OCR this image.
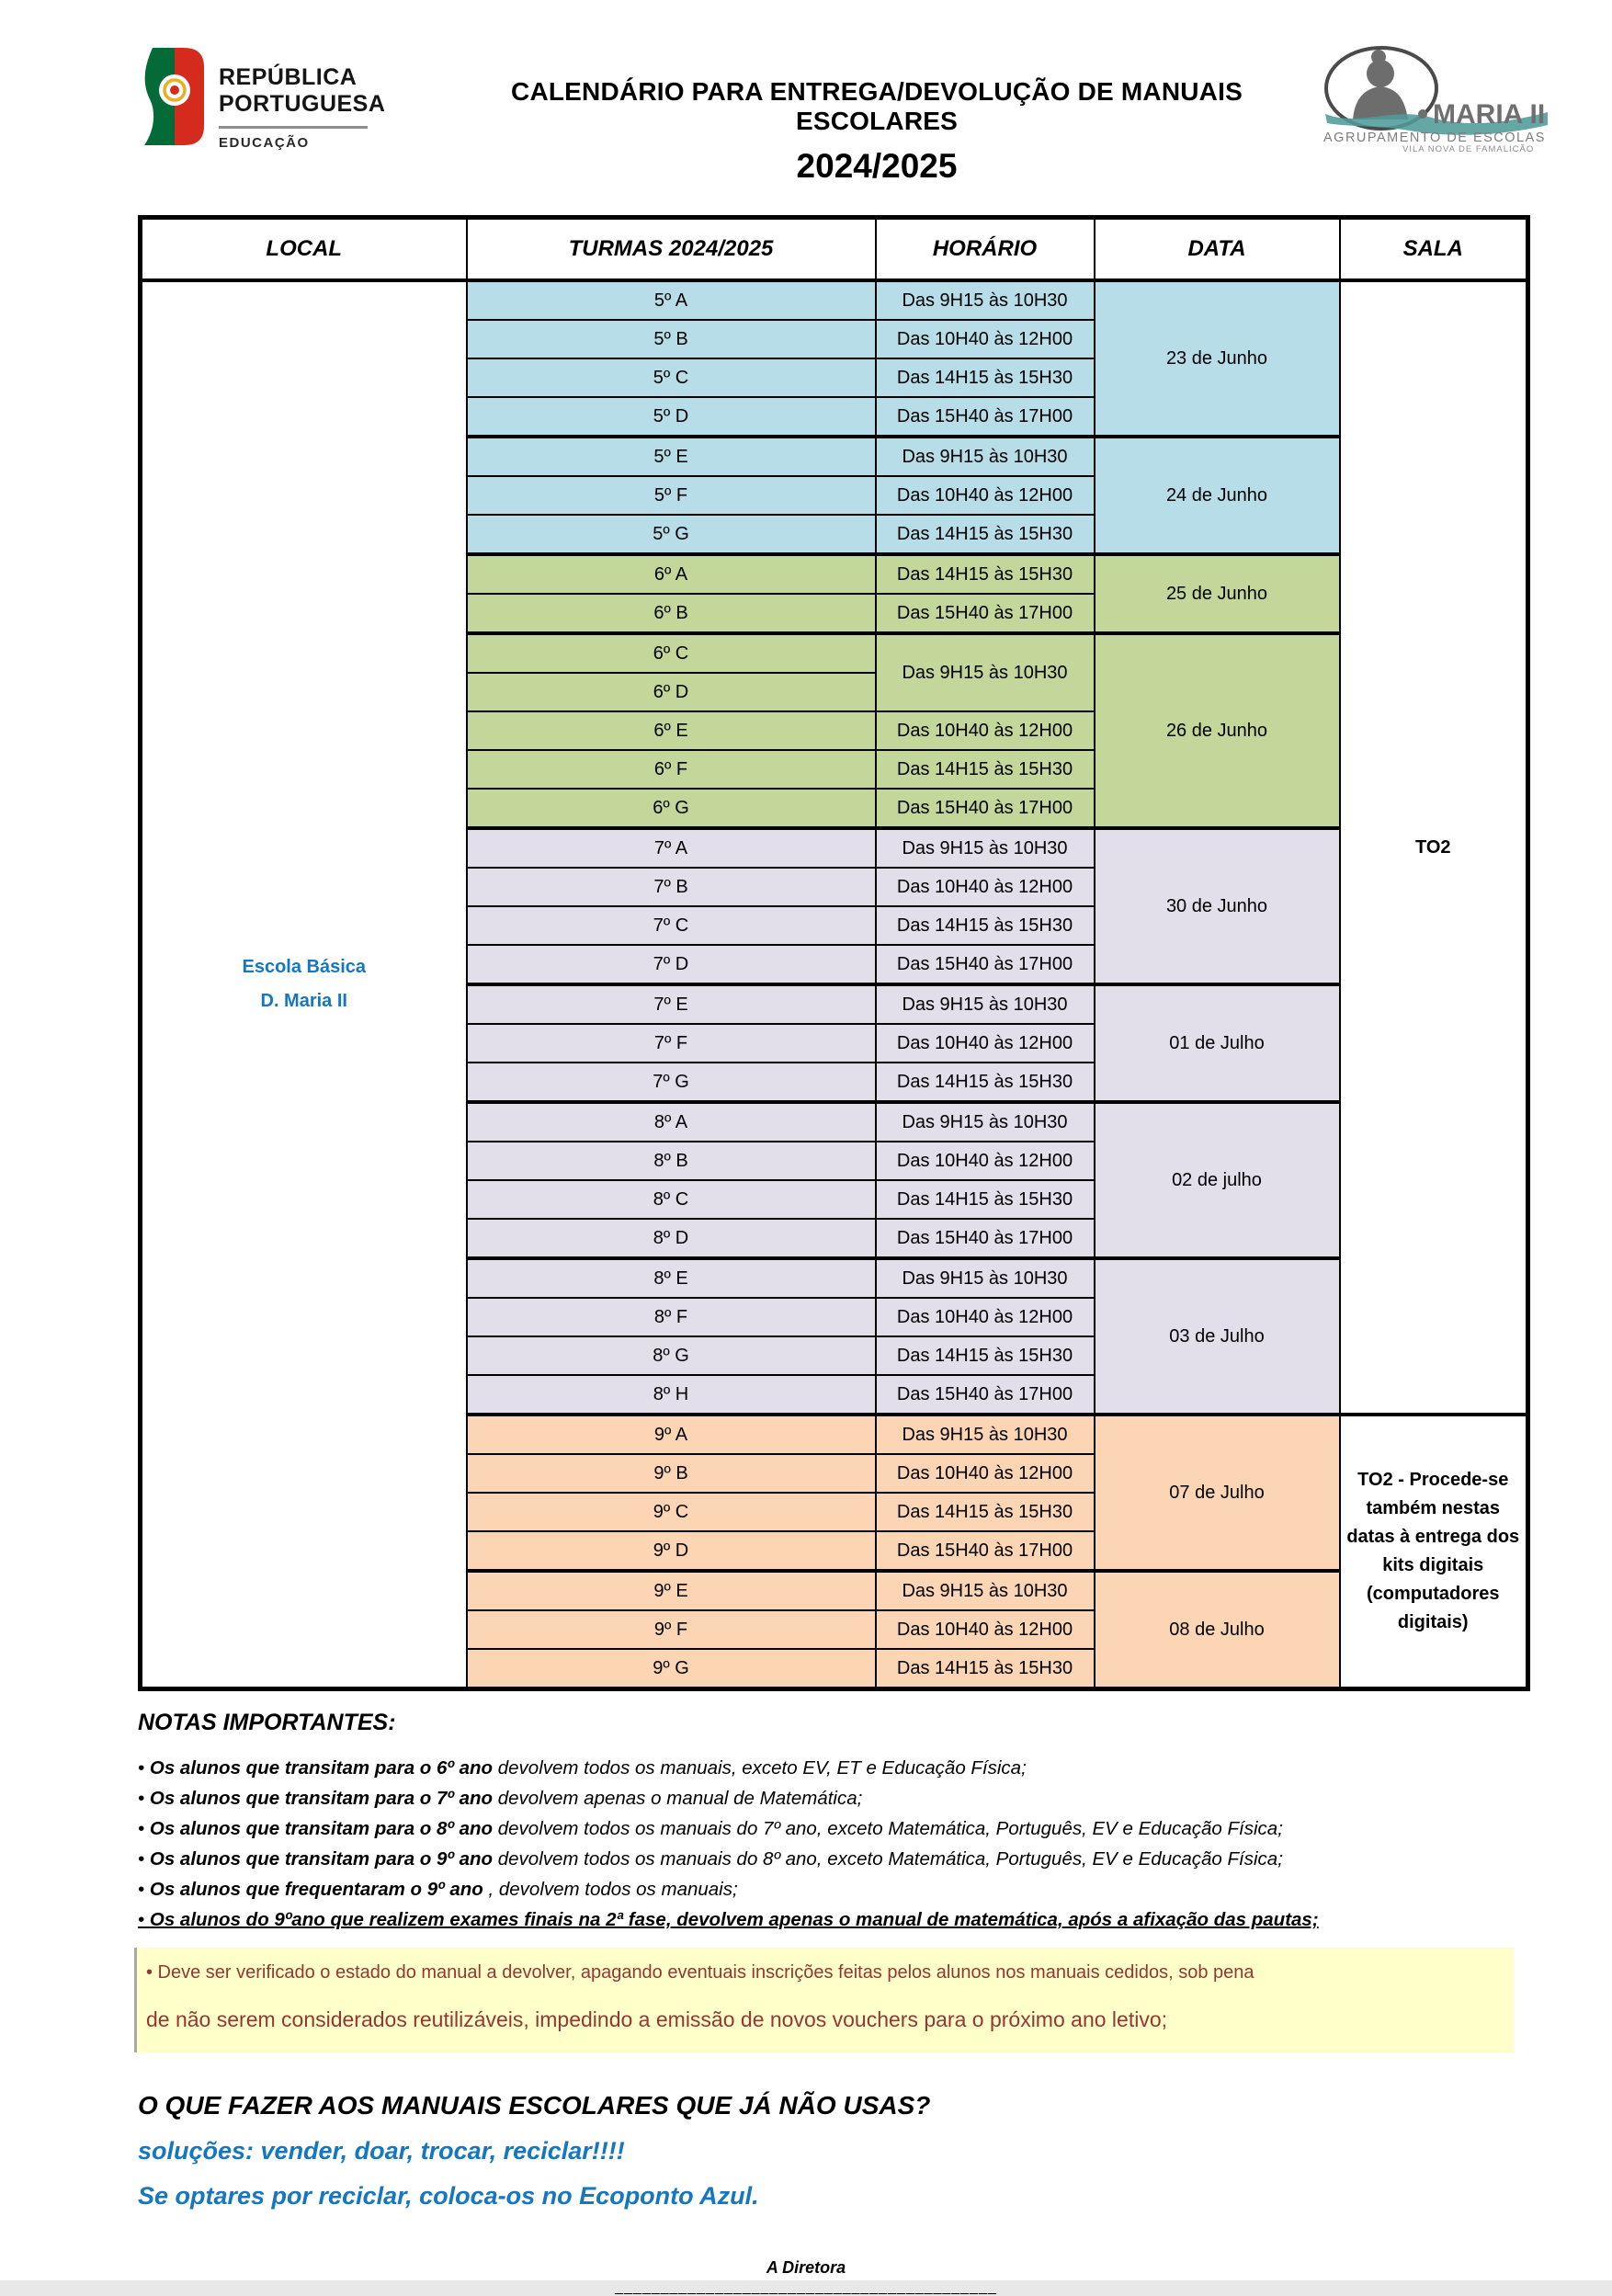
REPÚBLICA
PORTUGUESA
EDUCAÇÃO
CALENDÁRIO PARA ENTREGA/DEVOLUÇÃO DE MANUAIS ESCOLARES
2024/2025
MARIA II
AGRUPAMENTO DE ESCOLAS
VILA NOVA DE FAMALICÃO
LOCAL	TURMAS 2024/2025	HORÁRIO	DATA	SALA

Escola Básica
D. Maria II	5º A	Das 9H15 às 10H30	23 de Junho	TO2
	5º B	Das 10H40 às 12H00		
	5º C	Das 14H15 às 15H30		
	5º D	Das 15H40 às 17H00		
	5º E	Das 9H15 às 10H30	24 de Junho	
	5º F	Das 10H40 às 12H00		
	5º G	Das 14H15 às 15H30		
	6º A	Das 14H15 às 15H30	25 de Junho	
	6º B	Das 15H40 às 17H00		
	6º C	Das 9H15 às 10H30	26 de Junho	
	6º D			
	6º E	Das 10H40 às 12H00		
	6º F	Das 14H15 às 15H30		
	6º G	Das 15H40 às 17H00		
	7º A	Das 9H15 às 10H30	30 de Junho	
	7º B	Das 10H40 às 12H00		
	7º C	Das 14H15 às 15H30		
	7º D	Das 15H40 às 17H00		
	7º E	Das 9H15 às 10H30	01 de Julho	
	7º F	Das 10H40 às 12H00		
	7º G	Das 14H15 às 15H30		
	8º A	Das 9H15 às 10H30	02 de julho	
	8º B	Das 10H40 às 12H00		
	8º C	Das 14H15 às 15H30		
	8º D	Das 15H40 às 17H00		
	8º E	Das 9H15 às 10H30	03 de Julho	
	8º F	Das 10H40 às 12H00		
	8º G	Das 14H15 às 15H30		
	8º H	Das 15H40 às 17H00		
	9º A	Das 9H15 às 10H30	07 de Julho	TO2 - Procede-se também nestas datas à entrega dos kits digitais (computadores digitais)
	9º B	Das 10H40 às 12H00		
	9º C	Das 14H15 às 15H30		
	9º D	Das 15H40 às 17H00		
	9º E	Das 9H15 às 10H30	08 de Julho	
	9º F	Das 10H40 às 12H00		
	9º G	Das 14H15 às 15H30		
NOTAS IMPORTANTES:
• Os alunos que transitam para o 6º ano devolvem todos os manuais, exceto EV, ET e Educação Física;
• Os alunos que transitam para o 7º ano devolvem apenas o manual de Matemática;
• Os alunos que transitam para o 8º ano devolvem todos os manuais do 7º ano, exceto Matemática, Português, EV e Educação Física;
• Os alunos que transitam para o 9º ano devolvem todos os manuais do 8º ano, exceto Matemática, Português, EV e Educação Física;
• Os alunos que frequentaram o 9º ano , devolvem todos os manuais;
• Os alunos do 9ºano que realizem exames finais na 2ª fase, devolvem apenas o manual de matemática, após a afixação das pautas;
• Deve ser verificado o estado do manual a devolver, apagando eventuais inscrições feitas pelos alunos nos manuais cedidos, sob pena
de não serem considerados reutilizáveis, impedindo a emissão de novos vouchers para o próximo ano letivo;
O QUE FAZER AOS MANUAIS ESCOLARES QUE JÁ NÃO USAS?
soluções: vender, doar, trocar, reciclar!!!!
Se optares por reciclar, coloca-os no Ecoponto Azul.
A Diretora
__________________________________________
